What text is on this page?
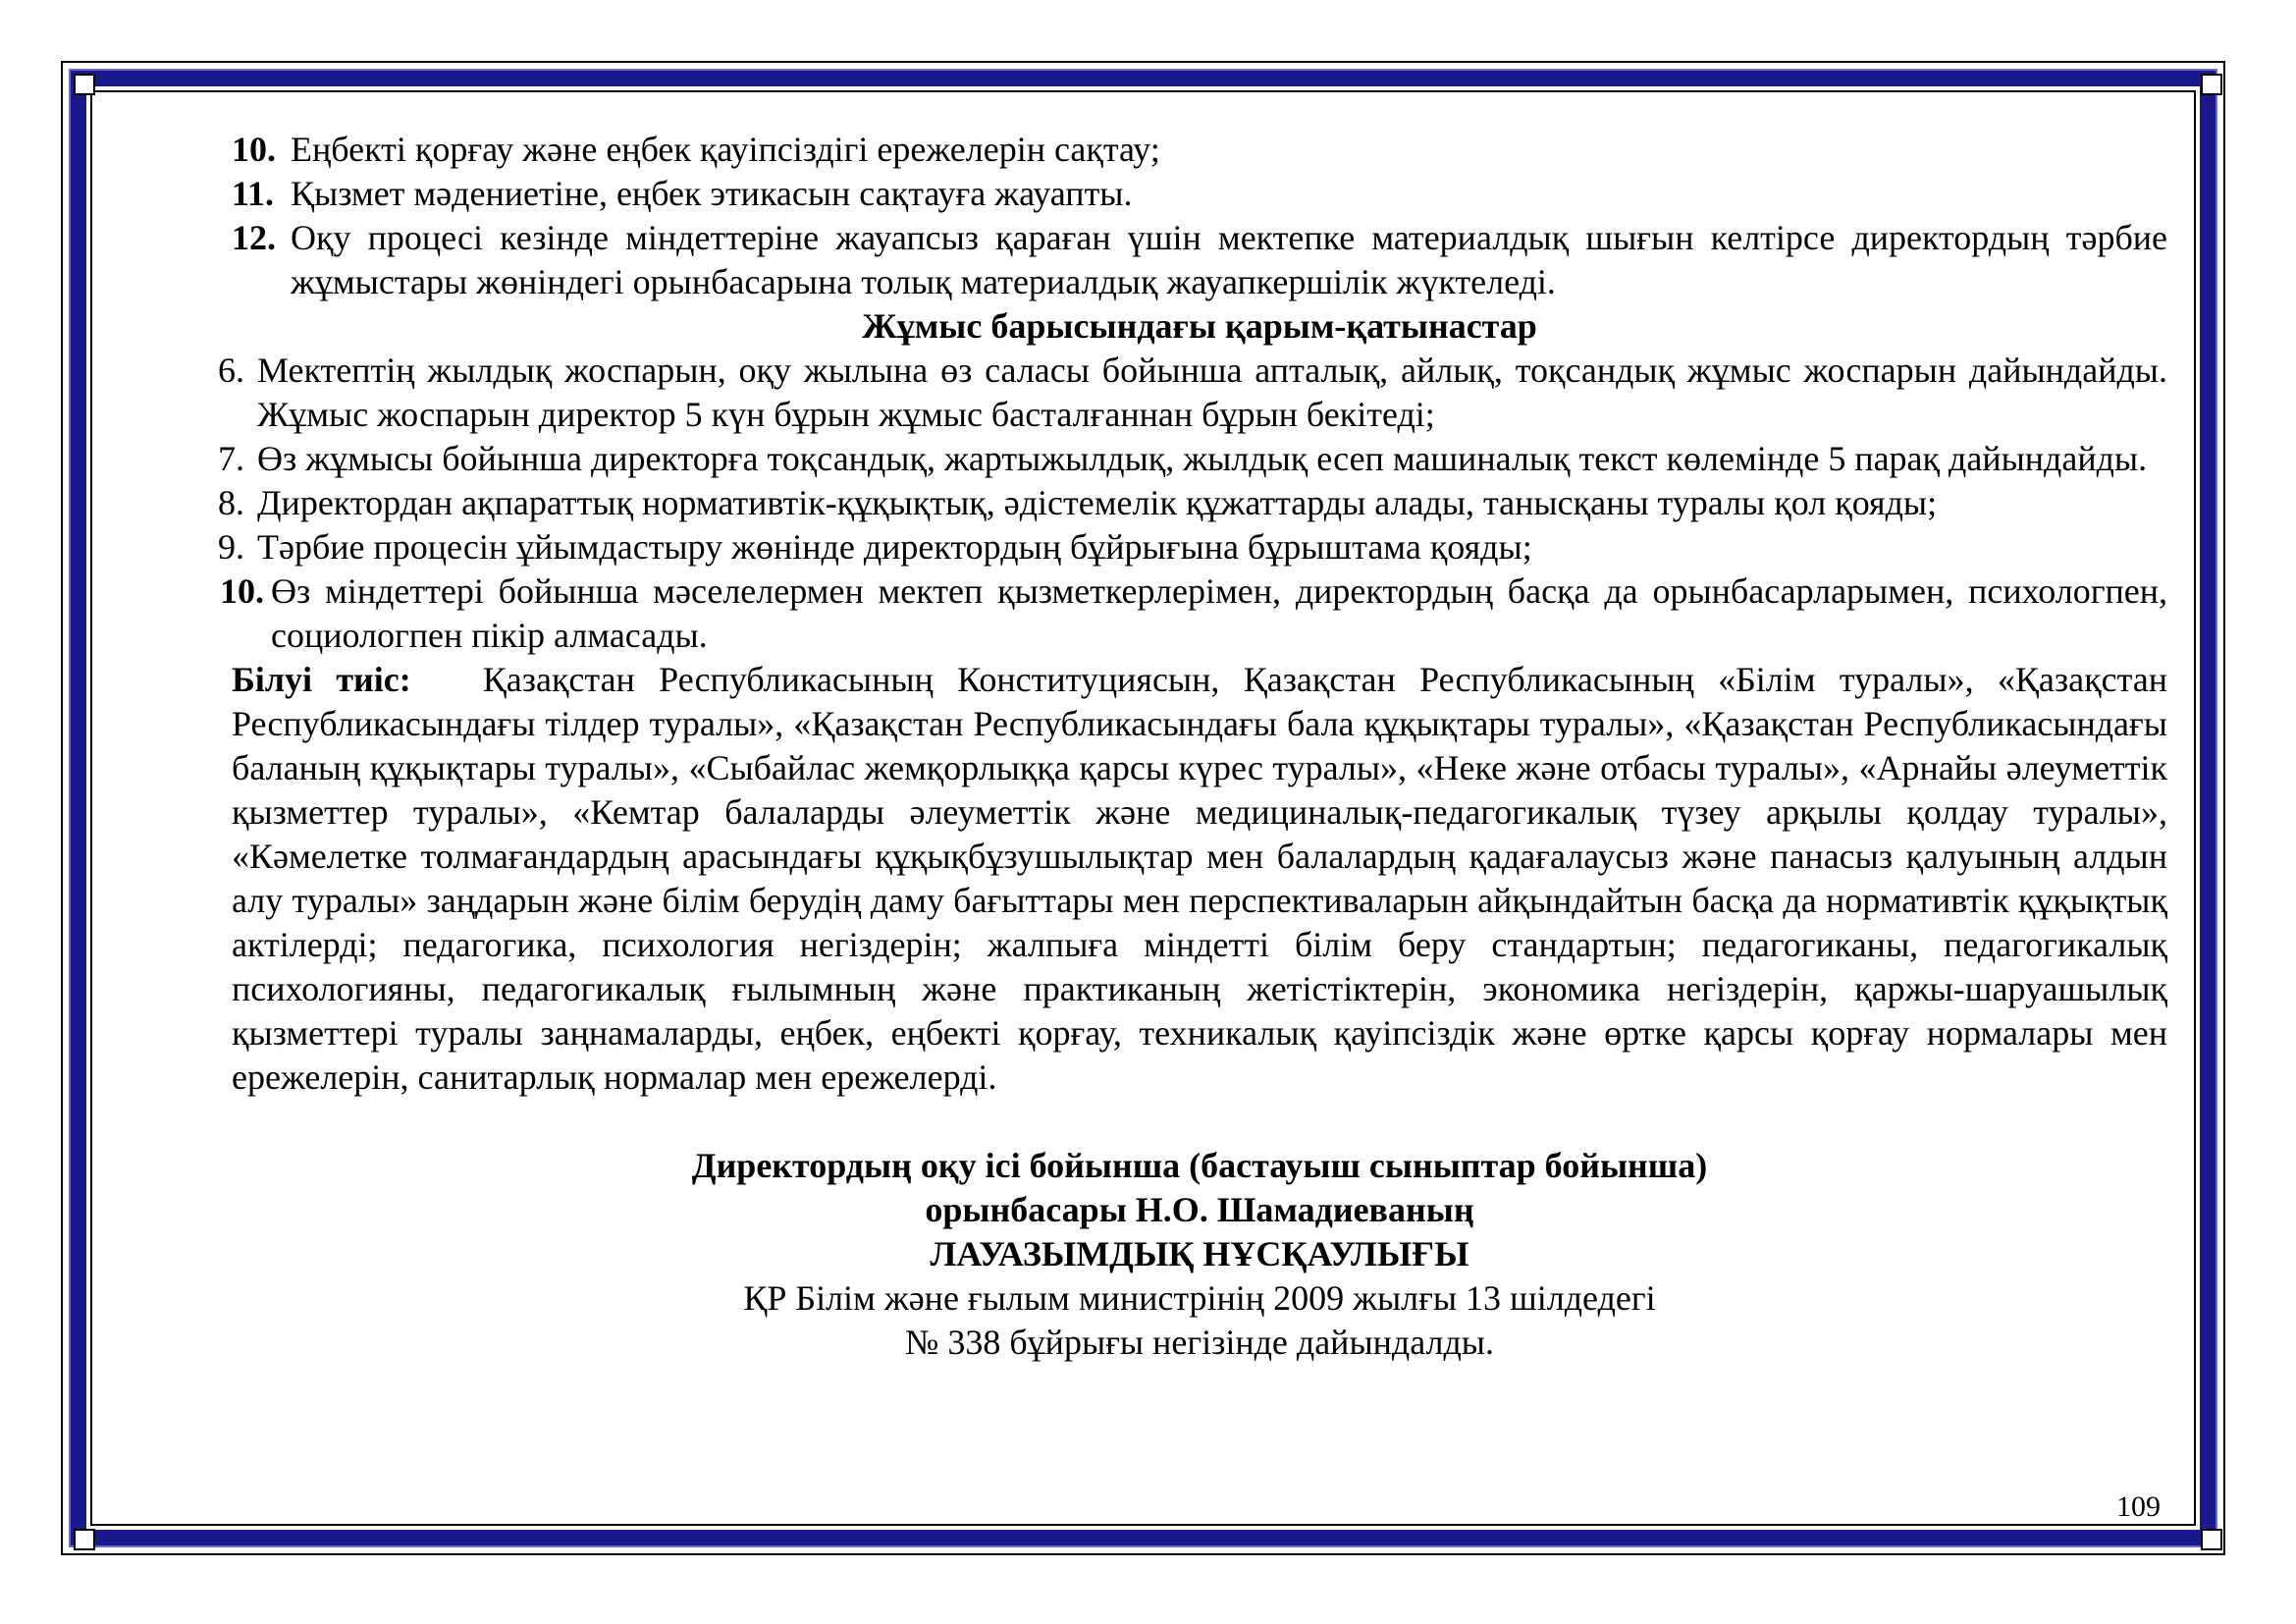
10. Еңбекті қорғау және еңбек қауіпсіздігі ережелерін сақтау;
11. Қызмет мәдениетіне, еңбек этикасын сақтауға жауапты.
12. Оқу процесі кезінде міндеттеріне жауапсыз қараған үшін мектепке материалдық шығын келтірсе директордың тәрбие жұмыстары жөніндегі орынбасарына толық материалдық жауапкершілік жүктеледі.
Жұмыс барысындағы қарым-қатынастар
6. Мектептің жылдық жоспарын, оқу жылына өз саласы бойынша апталық, айлық, тоқсандық жұмыс жоспарын дайындайды. Жұмыс жоспарын директор 5 күн бұрын жұмыс басталғаннан бұрын бекітеді;
7. Өз жұмысы бойынша директорға тоқсандық, жартыжылдық, жылдық есеп машиналық текст көлемінде 5 парақ дайындайды.
8. Директордан ақпараттық нормативтік-құқықтық, әдістемелік құжаттарды алады, танысқаны туралы қол қояды;
9. Тәрбие процесін ұйымдастыру жөнінде директордың бұйрығына бұрыштама қояды;
10. Өз міндеттері бойынша мәселелермен мектеп қызметкерлерімен, директордың басқа да орынбасарларымен, психологпен, социологпен пікір алмасады.

Білуі тиіс: Қазақстан Республикасының Конституциясын, Қазақстан Республикасының «Білім туралы», «Қазақстан Республикасындағы тілдер туралы», «Қазақстан Республикасындағы бала құқықтары туралы», «Қазақстан Республикасындағы баланың құқықтары туралы», «Сыбайлас жемқорлыққа қарсы күрес туралы», «Неке және отбасы туралы», «Арнайы әлеуметтік қызметтер туралы», «Кемтар балаларды әлеуметтік және медициналық-педагогикалық түзеу арқылы қолдау туралы», «Кәмелетке толмағандардың арасындағы құқықбұзушылықтар мен балалардың қадағалаусыз және панасыз қалуының алдын алу туралы» заңдарын және білім берудің даму бағыттары мен перспективаларын айқындайтын басқа да нормативтік құқықтық актілерді; педагогика, психология негіздерін; жалпыға міндетті білім беру стандартын; педагогиканы, педагогикалық психологияны, педагогикалық ғылымның және практиканың жетістіктерін, экономика негіздерін, қаржы-шаруашылық қызметтері туралы заңнамаларды, еңбек, еңбекті қорғау, техникалық қауіпсіздік және өртке қарсы қорғау нормалары мен ережелерін, санитарлық нормалар мен ережелерді.

Директордың оқу ісі бойынша (бастауыш сыныптар бойынша)
орынбасары Н.О. Шамадиеваның
ЛАУАЗЫМДЫҚ НҰСҚАУЛЫҒЫ
ҚР Білім және ғылым министрінің 2009 жылғы 13 шілдедегі
№ 338 бұйрығы негізінде дайындалды.
109
